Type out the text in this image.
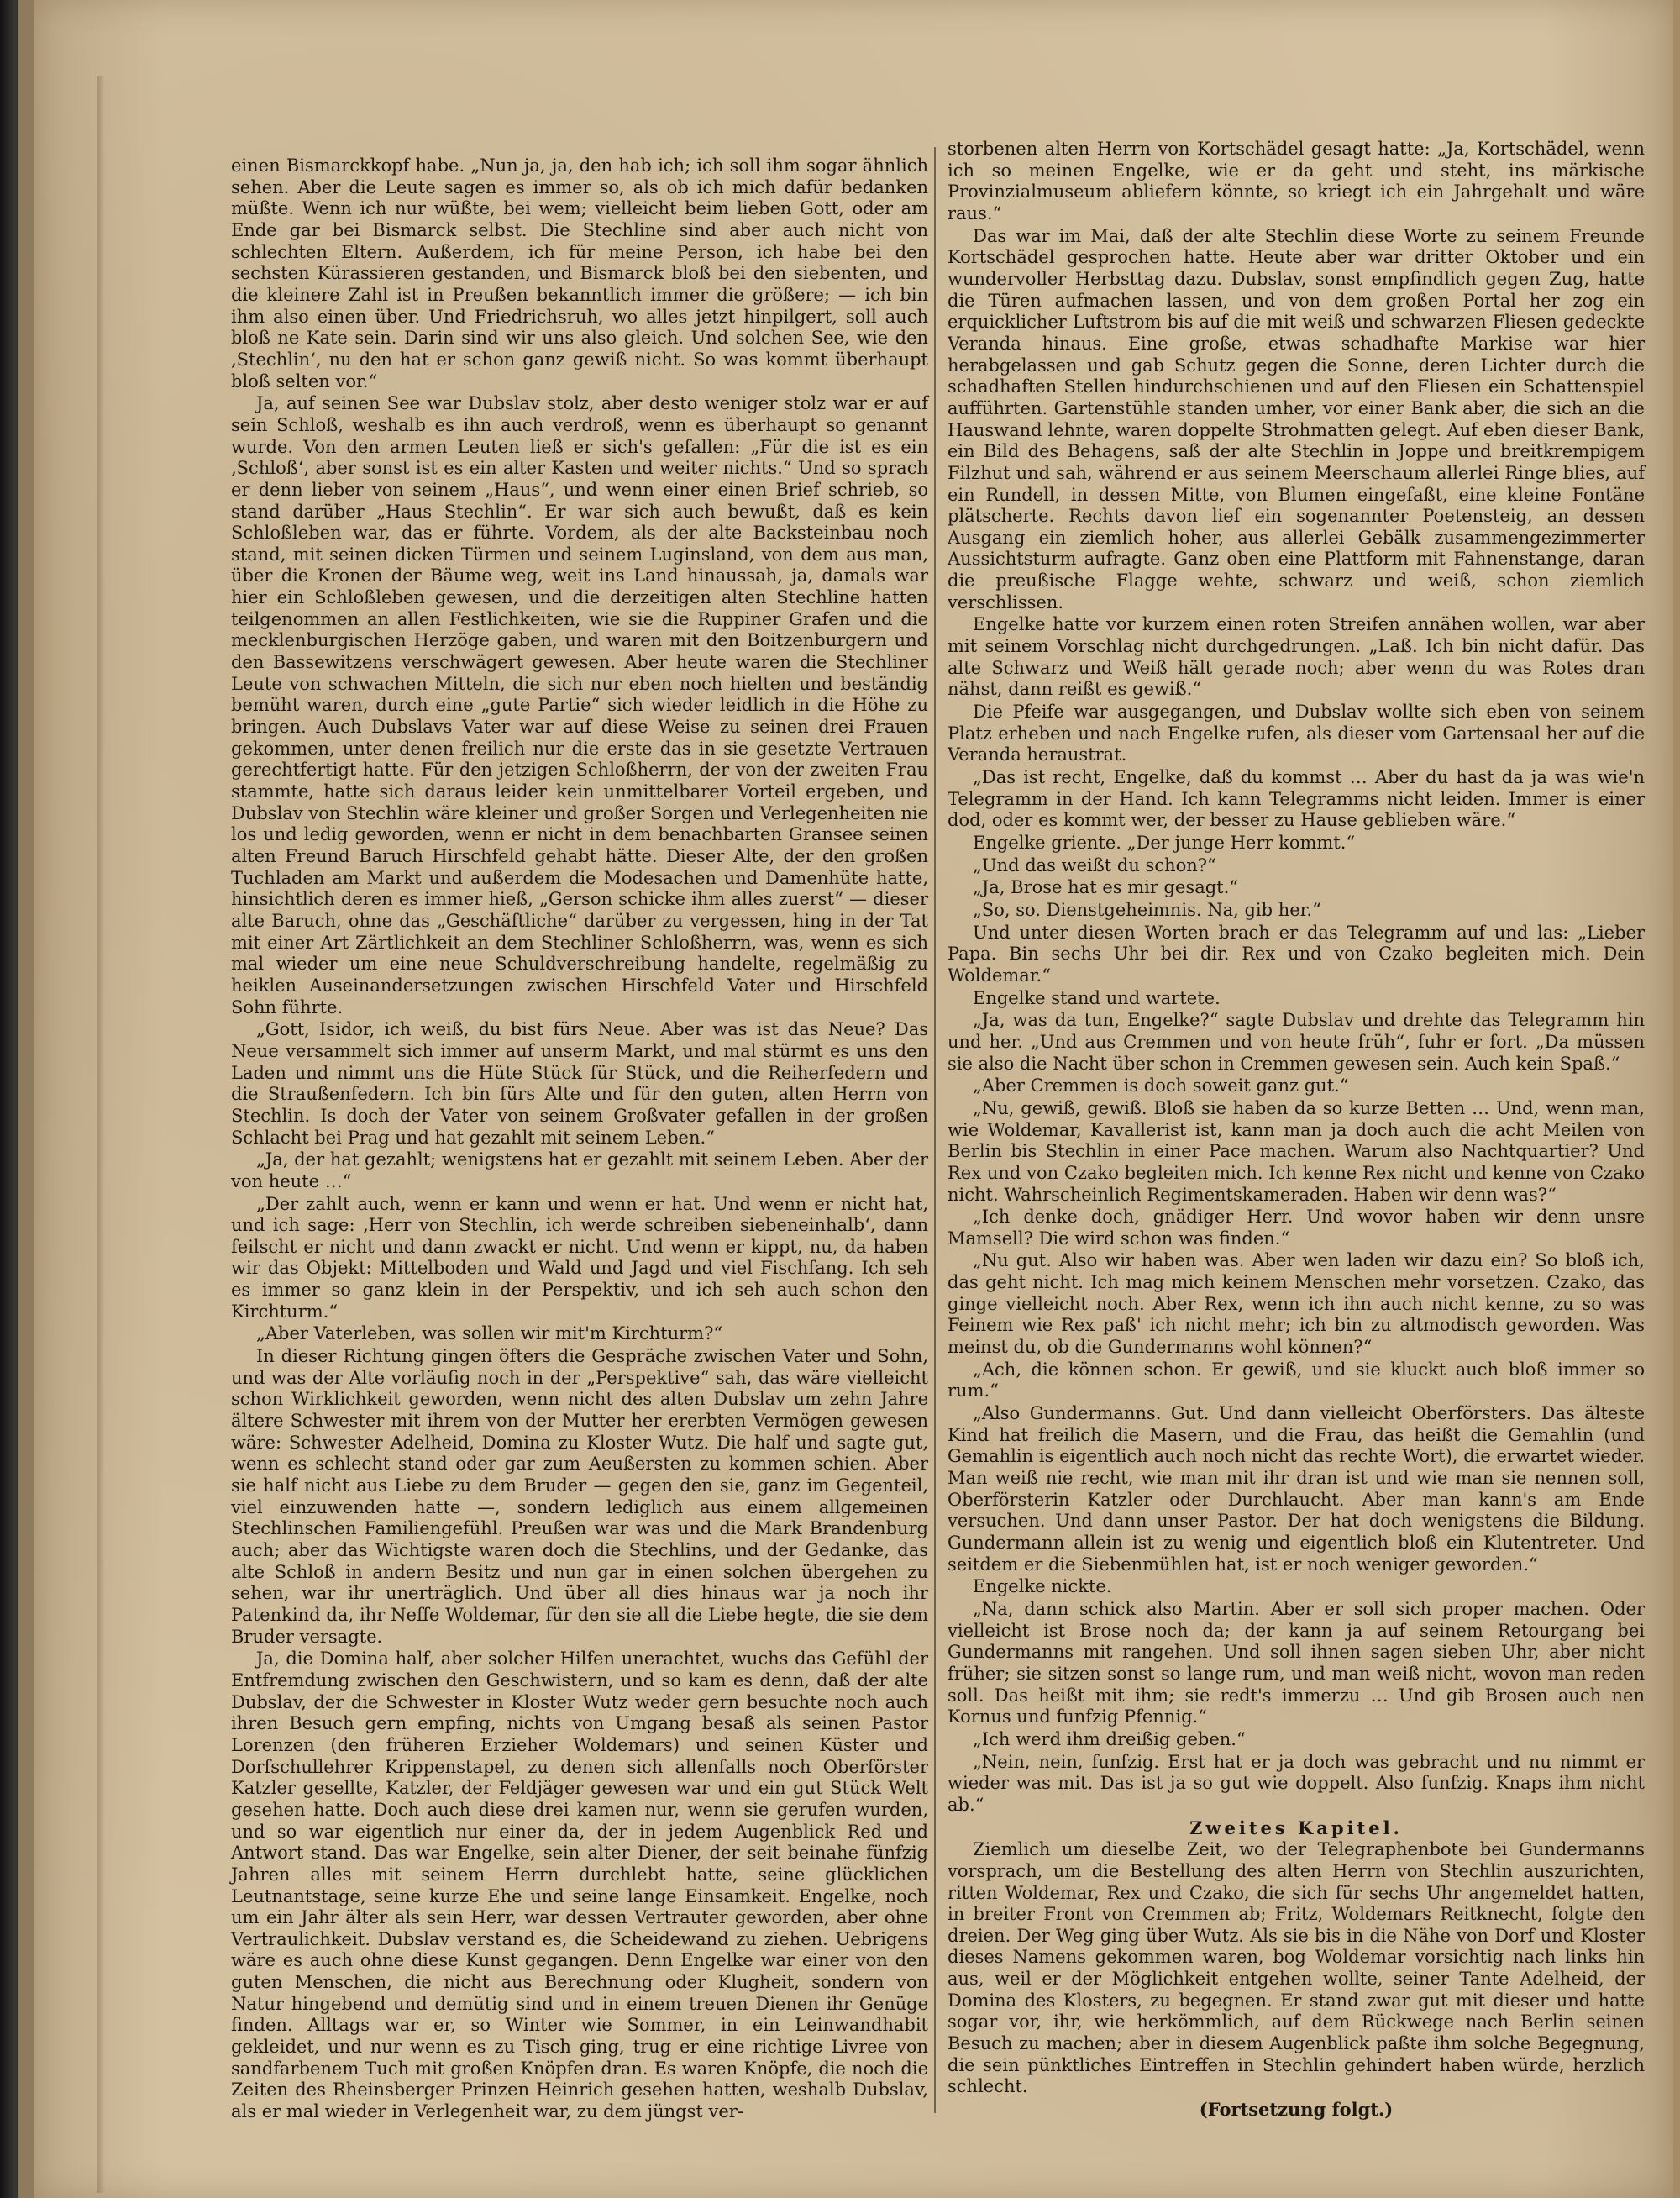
einen Bismarckkopf habe. „Nun ja, ja, den hab ich; ich soll ihm sogar ähnlich sehen. Aber die Leute sagen es immer so, als ob ich mich dafür bedanken müßte. Wenn ich nur wüßte, bei wem; vielleicht beim lieben Gott, oder am Ende gar bei Bismarck selbst. Die Stechline sind aber auch nicht von schlechten Eltern. Außerdem, ich für meine Person, ich habe bei den sechsten Kürassieren gestanden, und Bismarck bloß bei den siebenten, und die kleinere Zahl ist in Preußen bekanntlich immer die größere; — ich bin ihm also einen über. Und Friedrichsruh, wo alles jetzt hinpilgert, soll auch bloß ne Kate sein. Darin sind wir uns also gleich. Und solchen See, wie den ‚Stechlin‘, nu den hat er schon ganz gewiß nicht. So was kommt überhaupt bloß selten vor.“

Ja, auf seinen See war Dubslav stolz, aber desto weniger stolz war er auf sein Schloß, weshalb es ihn auch verdroß, wenn es überhaupt so genannt wurde. Von den armen Leuten ließ er sich's gefallen: „Für die ist es ein ‚Schloß‘, aber sonst ist es ein alter Kasten und weiter nichts.“ Und so sprach er denn lieber von seinem „Haus“, und wenn einer einen Brief schrieb, so stand darüber „Haus Stechlin“. Er war sich auch bewußt, daß es kein Schloßleben war, das er führte. Vordem, als der alte Backsteinbau noch stand, mit seinen dicken Türmen und seinem Luginsland, von dem aus man, über die Kronen der Bäume weg, weit ins Land hinaussah, ja, damals war hier ein Schloßleben gewesen, und die derzeitigen alten Stechline hatten teilgenommen an allen Festlichkeiten, wie sie die Ruppiner Grafen und die mecklenburgischen Herzöge gaben, und waren mit den Boitzenburgern und den Bassewitzens verschwägert gewesen. Aber heute waren die Stechliner Leute von schwachen Mitteln, die sich nur eben noch hielten und beständig bemüht waren, durch eine „gute Partie“ sich wieder leidlich in die Höhe zu bringen. Auch Dubslavs Vater war auf diese Weise zu seinen drei Frauen gekommen, unter denen freilich nur die erste das in sie gesetzte Vertrauen gerechtfertigt hatte. Für den jetzigen Schloßherrn, der von der zweiten Frau stammte, hatte sich daraus leider kein unmittelbarer Vorteil ergeben, und Dubslav von Stechlin wäre kleiner und großer Sorgen und Verlegenheiten nie los und ledig geworden, wenn er nicht in dem benachbarten Gransee seinen alten Freund Baruch Hirschfeld gehabt hätte. Dieser Alte, der den großen Tuchladen am Markt und außerdem die Modesachen und Damenhüte hatte, hinsichtlich deren es immer hieß, „Gerson schicke ihm alles zuerst“ — dieser alte Baruch, ohne das „Geschäftliche“ darüber zu vergessen, hing in der Tat mit einer Art Zärtlichkeit an dem Stechliner Schloßherrn, was, wenn es sich mal wieder um eine neue Schuldverschreibung handelte, regelmäßig zu heiklen Auseinandersetzungen zwischen Hirschfeld Vater und Hirschfeld Sohn führte.

„Gott, Isidor, ich weiß, du bist fürs Neue. Aber was ist das Neue? Das Neue versammelt sich immer auf unserm Markt, und mal stürmt es uns den Laden und nimmt uns die Hüte Stück für Stück, und die Reiherfedern und die Straußenfedern. Ich bin fürs Alte und für den guten, alten Herrn von Stechlin. Is doch der Vater von seinem Großvater gefallen in der großen Schlacht bei Prag und hat gezahlt mit seinem Leben.“

„Ja, der hat gezahlt; wenigstens hat er gezahlt mit seinem Leben. Aber der von heute …“

„Der zahlt auch, wenn er kann und wenn er hat. Und wenn er nicht hat, und ich sage: ‚Herr von Stechlin, ich werde schreiben siebeneinhalb‘, dann feilscht er nicht und dann zwackt er nicht. Und wenn er kippt, nu, da haben wir das Objekt: Mittelboden und Wald und Jagd und viel Fischfang. Ich seh es immer so ganz klein in der Perspektiv, und ich seh auch schon den Kirchturm.“

„Aber Vaterleben, was sollen wir mit'm Kirchturm?“

In dieser Richtung gingen öfters die Gespräche zwischen Vater und Sohn, und was der Alte vorläufig noch in der „Perspektive“ sah, das wäre vielleicht schon Wirklichkeit geworden, wenn nicht des alten Dubslav um zehn Jahre ältere Schwester mit ihrem von der Mutter her ererbten Vermögen gewesen wäre: Schwester Adelheid, Domina zu Kloster Wutz. Die half und sagte gut, wenn es schlecht stand oder gar zum Aeußersten zu kommen schien. Aber sie half nicht aus Liebe zu dem Bruder — gegen den sie, ganz im Gegenteil, viel einzuwenden hatte —, sondern lediglich aus einem allgemeinen Stechlinschen Familiengefühl. Preußen war was und die Mark Brandenburg auch; aber das Wichtigste waren doch die Stechlins, und der Gedanke, das alte Schloß in andern Besitz und nun gar in einen solchen übergehen zu sehen, war ihr unerträglich. Und über all dies hinaus war ja noch ihr Patenkind da, ihr Neffe Woldemar, für den sie all die Liebe hegte, die sie dem Bruder versagte.

Ja, die Domina half, aber solcher Hilfen unerachtet, wuchs das Gefühl der Entfremdung zwischen den Geschwistern, und so kam es denn, daß der alte Dubslav, der die Schwester in Kloster Wutz weder gern besuchte noch auch ihren Besuch gern empfing, nichts von Umgang besaß als seinen Pastor Lorenzen (den früheren Erzieher Woldemars) und seinen Küster und Dorfschullehrer Krippenstapel, zu denen sich allenfalls noch Oberförster Katzler gesellte, Katzler, der Feldjäger gewesen war und ein gut Stück Welt gesehen hatte. Doch auch diese drei kamen nur, wenn sie gerufen wurden, und so war eigentlich nur einer da, der in jedem Augenblick Red und Antwort stand. Das war Engelke, sein alter Diener, der seit beinahe fünfzig Jahren alles mit seinem Herrn durchlebt hatte, seine glücklichen Leutnantstage, seine kurze Ehe und seine lange Einsamkeit. Engelke, noch um ein Jahr älter als sein Herr, war dessen Vertrauter geworden, aber ohne Vertraulichkeit. Dubslav verstand es, die Scheidewand zu ziehen. Uebrigens wäre es auch ohne diese Kunst gegangen. Denn Engelke war einer von den guten Menschen, die nicht aus Berechnung oder Klugheit, sondern von Natur hingebend und demütig sind und in einem treuen Dienen ihr Genüge finden. Alltags war er, so Winter wie Sommer, in ein Leinwandhabit gekleidet, und nur wenn es zu Tisch ging, trug er eine richtige Livree von sandfarbenem Tuch mit großen Knöpfen dran. Es waren Knöpfe, die noch die Zeiten des Rheinsberger Prinzen Heinrich gesehen hatten, weshalb Dubslav, als er mal wieder in Verlegenheit war, zu dem jüngst ver-

storbenen alten Herrn von Kortschädel gesagt hatte: „Ja, Kortschädel, wenn ich so meinen Engelke, wie er da geht und steht, ins märkische Provinzialmuseum abliefern könnte, so kriegt ich ein Jahrgehalt und wäre raus.“

Das war im Mai, daß der alte Stechlin diese Worte zu seinem Freunde Kortschädel gesprochen hatte. Heute aber war dritter Oktober und ein wundervoller Herbsttag dazu. Dubslav, sonst empfindlich gegen Zug, hatte die Türen aufmachen lassen, und von dem großen Portal her zog ein erquicklicher Luftstrom bis auf die mit weiß und schwarzen Fliesen gedeckte Veranda hinaus. Eine große, etwas schadhafte Markise war hier herabgelassen und gab Schutz gegen die Sonne, deren Lichter durch die schadhaften Stellen hindurchschienen und auf den Fliesen ein Schattenspiel aufführten. Gartenstühle standen umher, vor einer Bank aber, die sich an die Hauswand lehnte, waren doppelte Strohmatten gelegt. Auf eben dieser Bank, ein Bild des Behagens, saß der alte Stechlin in Joppe und breitkrempigem Filzhut und sah, während er aus seinem Meerschaum allerlei Ringe blies, auf ein Rundell, in dessen Mitte, von Blumen eingefaßt, eine kleine Fontäne plätscherte. Rechts davon lief ein sogenannter Poetensteig, an dessen Ausgang ein ziemlich hoher, aus allerlei Gebälk zusammengezimmerter Aussichtsturm aufragte. Ganz oben eine Plattform mit Fahnenstange, daran die preußische Flagge wehte, schwarz und weiß, schon ziemlich verschlissen.

Engelke hatte vor kurzem einen roten Streifen annähen wollen, war aber mit seinem Vorschlag nicht durchgedrungen. „Laß. Ich bin nicht dafür. Das alte Schwarz und Weiß hält gerade noch; aber wenn du was Rotes dran nähst, dann reißt es gewiß.“

Die Pfeife war ausgegangen, und Dubslav wollte sich eben von seinem Platz erheben und nach Engelke rufen, als dieser vom Gartensaal her auf die Veranda heraustrat.

„Das ist recht, Engelke, daß du kommst … Aber du hast da ja was wie'n Telegramm in der Hand. Ich kann Telegramms nicht leiden. Immer is einer dod, oder es kommt wer, der besser zu Hause geblieben wäre.“

Engelke griente. „Der junge Herr kommt.“

„Und das weißt du schon?“

„Ja, Brose hat es mir gesagt.“

„So, so. Dienstgeheimnis. Na, gib her.“

Und unter diesen Worten brach er das Telegramm auf und las: „Lieber Papa. Bin sechs Uhr bei dir. Rex und von Czako begleiten mich. Dein Woldemar.“

Engelke stand und wartete.

„Ja, was da tun, Engelke?“ sagte Dubslav und drehte das Telegramm hin und her. „Und aus Cremmen und von heute früh“, fuhr er fort. „Da müssen sie also die Nacht über schon in Cremmen gewesen sein. Auch kein Spaß.“

„Aber Cremmen is doch soweit ganz gut.“

„Nu, gewiß, gewiß. Bloß sie haben da so kurze Betten … Und, wenn man, wie Woldemar, Kavallerist ist, kann man ja doch auch die acht Meilen von Berlin bis Stechlin in einer Pace machen. Warum also Nachtquartier? Und Rex und von Czako begleiten mich. Ich kenne Rex nicht und kenne von Czako nicht. Wahrscheinlich Regimentskameraden. Haben wir denn was?“

„Ich denke doch, gnädiger Herr. Und wovor haben wir denn unsre Mamsell? Die wird schon was finden.“

„Nu gut. Also wir haben was. Aber wen laden wir dazu ein? So bloß ich, das geht nicht. Ich mag mich keinem Menschen mehr vorsetzen. Czako, das ginge vielleicht noch. Aber Rex, wenn ich ihn auch nicht kenne, zu so was Feinem wie Rex paß' ich nicht mehr; ich bin zu altmodisch geworden. Was meinst du, ob die Gundermanns wohl können?“

„Ach, die können schon. Er gewiß, und sie kluckt auch bloß immer so rum.“

„Also Gundermanns. Gut. Und dann vielleicht Oberförsters. Das älteste Kind hat freilich die Masern, und die Frau, das heißt die Gemahlin (und Gemahlin is eigentlich auch noch nicht das rechte Wort), die erwartet wieder. Man weiß nie recht, wie man mit ihr dran ist und wie man sie nennen soll, Oberförsterin Katzler oder Durchlaucht. Aber man kann's am Ende versuchen. Und dann unser Pastor. Der hat doch wenigstens die Bildung. Gundermann allein ist zu wenig und eigentlich bloß ein Klutentreter. Und seitdem er die Siebenmühlen hat, ist er noch weniger geworden.“

Engelke nickte.

„Na, dann schick also Martin. Aber er soll sich proper machen. Oder vielleicht ist Brose noch da; der kann ja auf seinem Retourgang bei Gundermanns mit rangehen. Und soll ihnen sagen sieben Uhr, aber nicht früher; sie sitzen sonst so lange rum, und man weiß nicht, wovon man reden soll. Das heißt mit ihm; sie redt's immerzu … Und gib Brosen auch nen Kornus und funfzig Pfennig.“

„Ich werd ihm dreißig geben.“

„Nein, nein, funfzig. Erst hat er ja doch was gebracht und nu nimmt er wieder was mit. Das ist ja so gut wie doppelt. Also funfzig. Knaps ihm nicht ab.“

Zweites Kapitel.

Ziemlich um dieselbe Zeit, wo der Telegraphenbote bei Gundermanns vorsprach, um die Bestellung des alten Herrn von Stechlin auszurichten, ritten Woldemar, Rex und Czako, die sich für sechs Uhr angemeldet hatten, in breiter Front von Cremmen ab; Fritz, Woldemars Reitknecht, folgte den dreien. Der Weg ging über Wutz. Als sie bis in die Nähe von Dorf und Kloster dieses Namens gekommen waren, bog Woldemar vorsichtig nach links hin aus, weil er der Möglichkeit entgehen wollte, seiner Tante Adelheid, der Domina des Klosters, zu begegnen. Er stand zwar gut mit dieser und hatte sogar vor, ihr, wie herkömmlich, auf dem Rückwege nach Berlin seinen Besuch zu machen; aber in diesem Augenblick paßte ihm solche Begegnung, die sein pünktliches Eintreffen in Stechlin gehindert haben würde, herzlich schlecht.

(Fortsetzung folgt.)
